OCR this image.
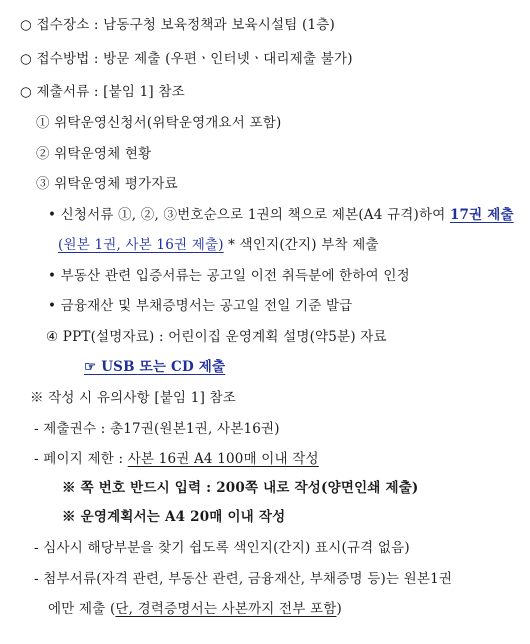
○ 접수장소 : 남동구청 보육정책과 보육시설팀 (1층)
○ 접수방법 : 방문 제출 (우편ㆍ인터넷ㆍ대리제출 불가)
○ 제출서류 : [붙임 1] 참조
① 위탁운영신청서(위탁운영개요서 포함)
② 위탁운영체 현황
③ 위탁운영체 평가자료
• 신청서류 ①, ②, ③번호순으로 1권의 책으로 제본(A4 규격)하여 17권 제출
(원본 1권, 사본 16권 제출) * 색인지(간지) 부착 제출
• 부동산 관련 입증서류는 공고일 이전 취득분에 한하여 인정
• 금융재산 및 부채증명서는 공고일 전일 기준 발급
④ PPT(설명자료) : 어린이집 운영계획 설명(약5분) 자료
☞ USB 또는 CD 제출
※ 작성 시 유의사항 [붙임 1] 참조
- 제출권수 : 총17권(원본1권, 사본16권)
- 페이지 제한 : 사본 16권 A4 100매 이내 작성
※ 쪽 번호 반드시 입력 : 200쪽 내로 작성(양면인쇄 제출)
※ 운영계획서는 A4 20매 이내 작성
- 심사시 해당부분을 찾기 쉽도록 색인지(간지) 표시(규격 없음)
- 첨부서류(자격 관련, 부동산 관련, 금융재산, 부채증명 등)는 원본1권
에만 제출 (단, 경력증명서는 사본까지 전부 포함)
